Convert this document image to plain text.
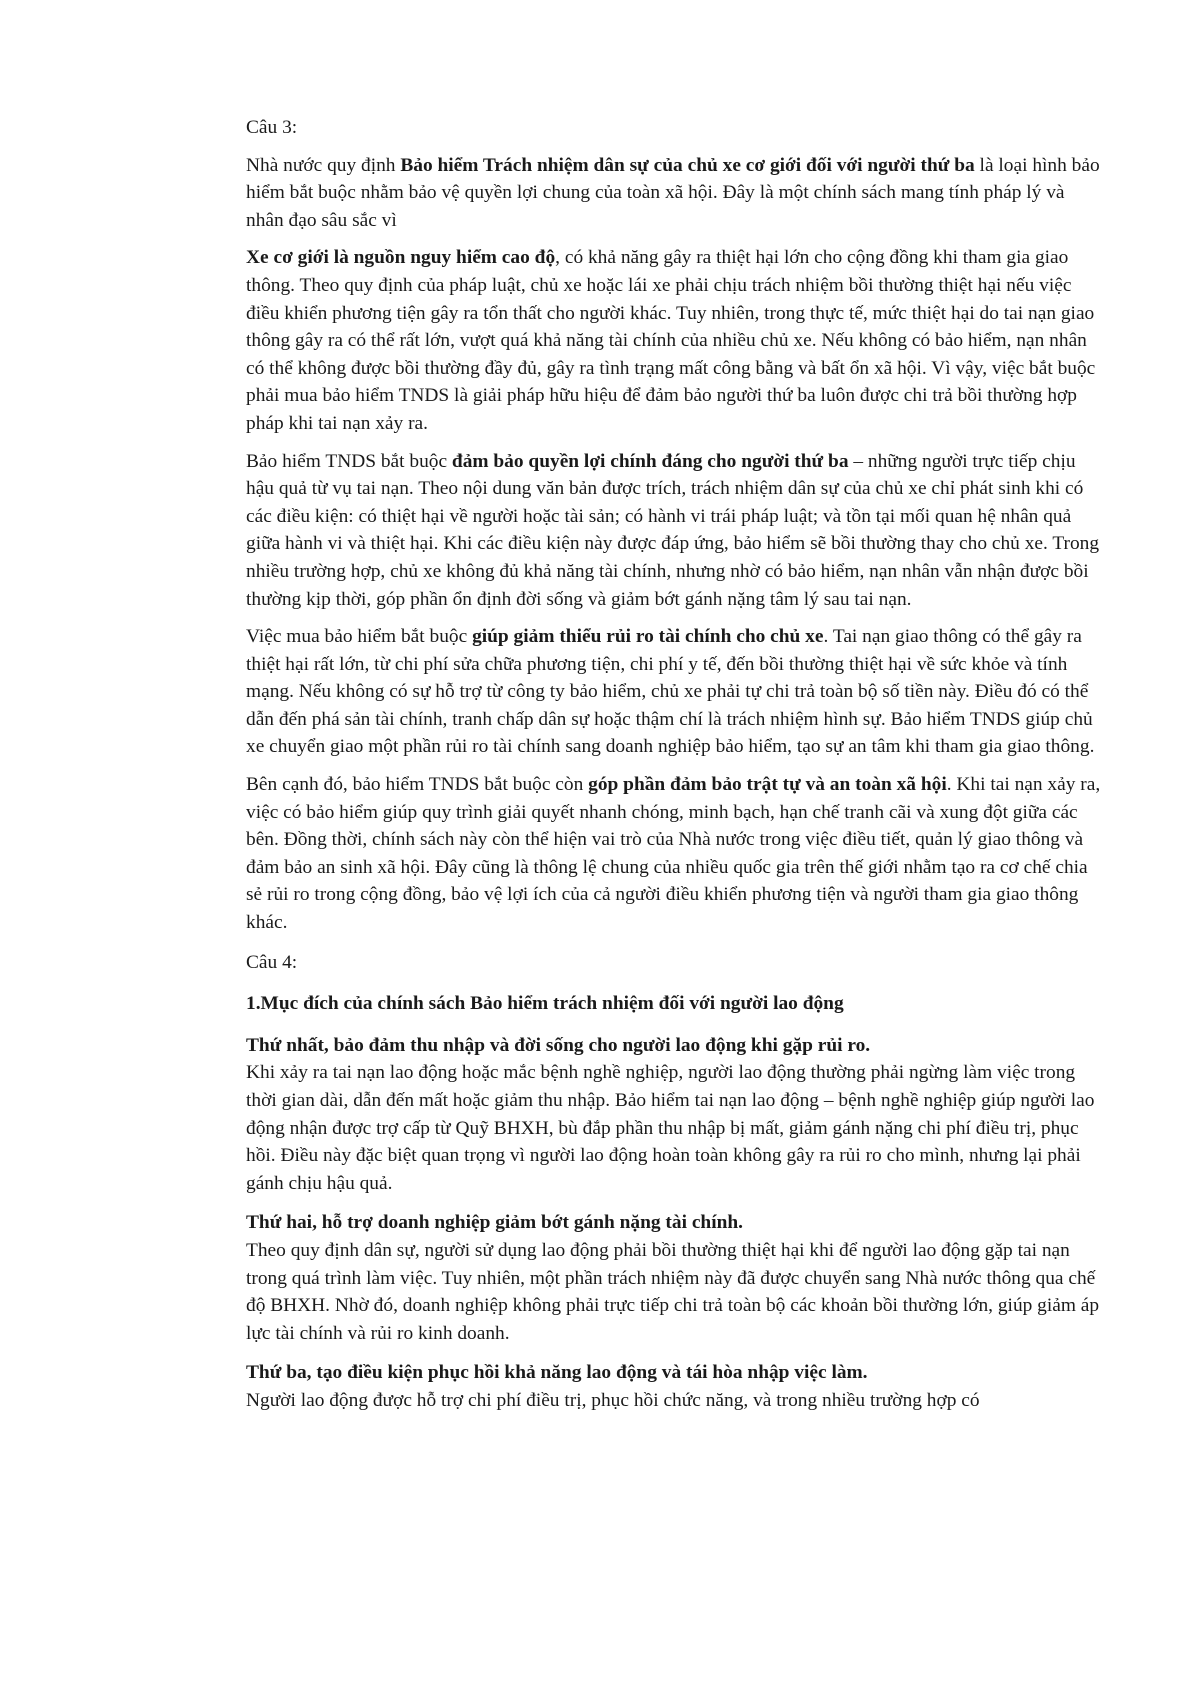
Câu 3:

Nhà nước quy định Bảo hiểm Trách nhiệm dân sự của chủ xe cơ giới đối với người thứ ba là loại hình bảo hiểm bắt buộc nhằm bảo vệ quyền lợi chung của toàn xã hội. Đây là một chính sách mang tính pháp lý và nhân đạo sâu sắc vì

Xe cơ giới là nguồn nguy hiểm cao độ, có khả năng gây ra thiệt hại lớn cho cộng đồng khi tham gia giao thông. Theo quy định của pháp luật, chủ xe hoặc lái xe phải chịu trách nhiệm bồi thường thiệt hại nếu việc điều khiển phương tiện gây ra tổn thất cho người khác. Tuy nhiên, trong thực tế, mức thiệt hại do tai nạn giao thông gây ra có thể rất lớn, vượt quá khả năng tài chính của nhiều chủ xe. Nếu không có bảo hiểm, nạn nhân có thể không được bồi thường đầy đủ, gây ra tình trạng mất công bằng và bất ổn xã hội. Vì vậy, việc bắt buộc phải mua bảo hiểm TNDS là giải pháp hữu hiệu để đảm bảo người thứ ba luôn được chi trả bồi thường hợp pháp khi tai nạn xảy ra.

Bảo hiểm TNDS bắt buộc đảm bảo quyền lợi chính đáng cho người thứ ba – những người trực tiếp chịu hậu quả từ vụ tai nạn. Theo nội dung văn bản được trích, trách nhiệm dân sự của chủ xe chỉ phát sinh khi có các điều kiện: có thiệt hại về người hoặc tài sản; có hành vi trái pháp luật; và tồn tại mối quan hệ nhân quả giữa hành vi và thiệt hại. Khi các điều kiện này được đáp ứng, bảo hiểm sẽ bồi thường thay cho chủ xe. Trong nhiều trường hợp, chủ xe không đủ khả năng tài chính, nhưng nhờ có bảo hiểm, nạn nhân vẫn nhận được bồi thường kịp thời, góp phần ổn định đời sống và giảm bớt gánh nặng tâm lý sau tai nạn.

Việc mua bảo hiểm bắt buộc giúp giảm thiểu rủi ro tài chính cho chủ xe. Tai nạn giao thông có thể gây ra thiệt hại rất lớn, từ chi phí sửa chữa phương tiện, chi phí y tế, đến bồi thường thiệt hại về sức khỏe và tính mạng. Nếu không có sự hỗ trợ từ công ty bảo hiểm, chủ xe phải tự chi trả toàn bộ số tiền này. Điều đó có thể dẫn đến phá sản tài chính, tranh chấp dân sự hoặc thậm chí là trách nhiệm hình sự. Bảo hiểm TNDS giúp chủ xe chuyển giao một phần rủi ro tài chính sang doanh nghiệp bảo hiểm, tạo sự an tâm khi tham gia giao thông.

Bên cạnh đó, bảo hiểm TNDS bắt buộc còn góp phần đảm bảo trật tự và an toàn xã hội. Khi tai nạn xảy ra, việc có bảo hiểm giúp quy trình giải quyết nhanh chóng, minh bạch, hạn chế tranh cãi và xung đột giữa các bên. Đồng thời, chính sách này còn thể hiện vai trò của Nhà nước trong việc điều tiết, quản lý giao thông và đảm bảo an sinh xã hội. Đây cũng là thông lệ chung của nhiều quốc gia trên thế giới nhằm tạo ra cơ chế chia sẻ rủi ro trong cộng đồng, bảo vệ lợi ích của cả người điều khiển phương tiện và người tham gia giao thông khác.

Câu 4:

1.Mục đích của chính sách Bảo hiểm trách nhiệm đối với người lao động

Thứ nhất, bảo đảm thu nhập và đời sống cho người lao động khi gặp rủi ro.
Khi xảy ra tai nạn lao động hoặc mắc bệnh nghề nghiệp, người lao động thường phải ngừng làm việc trong thời gian dài, dẫn đến mất hoặc giảm thu nhập. Bảo hiểm tai nạn lao động – bệnh nghề nghiệp giúp người lao động nhận được trợ cấp từ Quỹ BHXH, bù đắp phần thu nhập bị mất, giảm gánh nặng chi phí điều trị, phục hồi. Điều này đặc biệt quan trọng vì người lao động hoàn toàn không gây ra rủi ro cho mình, nhưng lại phải gánh chịu hậu quả.

Thứ hai, hỗ trợ doanh nghiệp giảm bớt gánh nặng tài chính.
Theo quy định dân sự, người sử dụng lao động phải bồi thường thiệt hại khi để người lao động gặp tai nạn trong quá trình làm việc. Tuy nhiên, một phần trách nhiệm này đã được chuyển sang Nhà nước thông qua chế độ BHXH. Nhờ đó, doanh nghiệp không phải trực tiếp chi trả toàn bộ các khoản bồi thường lớn, giúp giảm áp lực tài chính và rủi ro kinh doanh.

Thứ ba, tạo điều kiện phục hồi khả năng lao động và tái hòa nhập việc làm.
Người lao động được hỗ trợ chi phí điều trị, phục hồi chức năng, và trong nhiều trường hợp có
